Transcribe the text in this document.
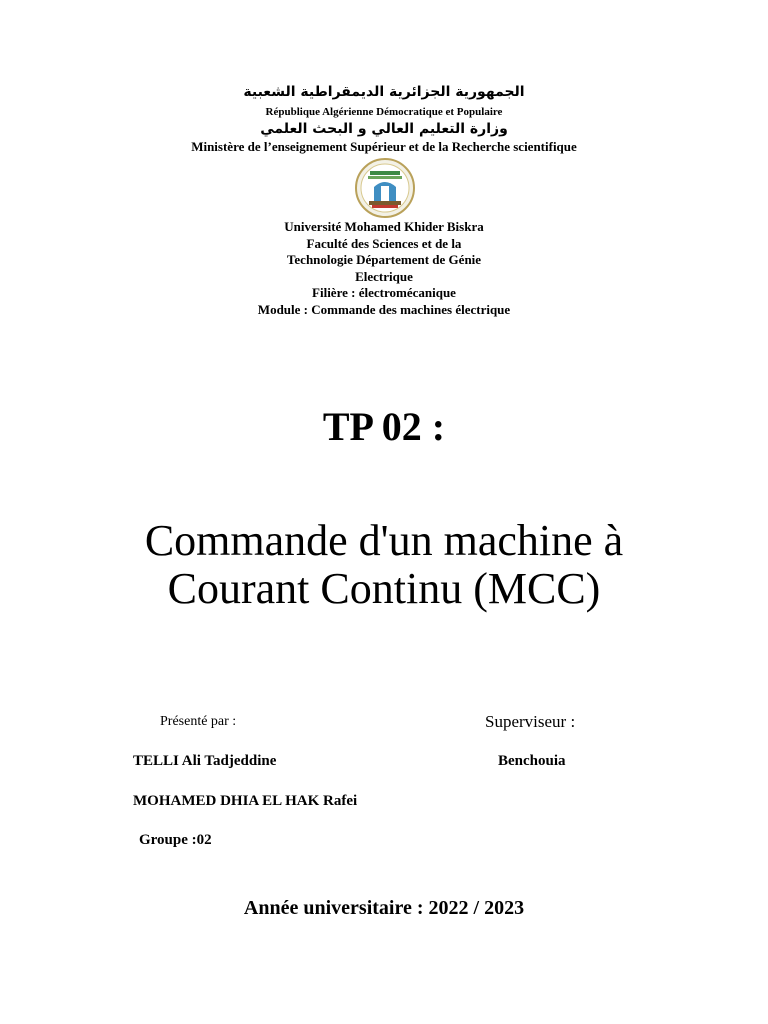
الجمهورية الجزائرية الديمقراطية الشعبية
République Algérienne Démocratique et Populaire
وزارة التعليم العالي و البحث العلمي
Ministère de l’enseignement Supérieur et de la Recherche scientifique
Université Mohamed Khider Biskra
Faculté des Sciences et de la
Technologie Département de Génie
Electrique
Filière : électromécanique
Module : Commande des machines électrique
TP 02 :
Commande d'un machine à
Courant Continu (MCC)
Présenté par :	Superviseur :
TELLI Ali Tadjeddine	Benchouia
MOHAMED DHIA EL HAK Rafei
Groupe :02
Année universitaire : 2022 / 2023
